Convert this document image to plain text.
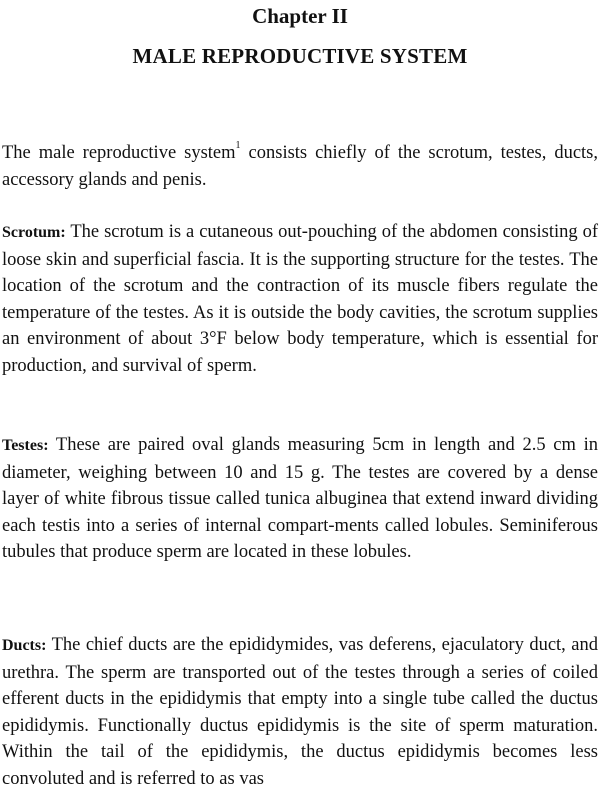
Chapter II
MALE REPRODUCTIVE SYSTEM

The male reproductive system$^1$ consists chiefly of the scrotum, testes, ducts, accessory glands and penis.

Scrotum: The scrotum is a cutaneous out-pouching of the abdomen consisting of loose skin and superficial fascia. It is the supporting structure for the testes. The location of the scrotum and the contraction of its muscle fibers regulate the temperature of the testes. As it is outside the body cavities, the scrotum supplies an environment of about 3°F below body temperature, which is essential for production, and survival of sperm.

Testes: These are paired oval glands measuring 5cm in length and 2.5 cm in diameter, weighing between 10 and 15 g. The testes are covered by a dense layer of white fibrous tissue called tunica albuginea that extend inward dividing each testis into a series of internal compart-ments called lobules. Seminiferous tubules that produce sperm are located in these lobules.

Ducts: The chief ducts are the epididymides, vas deferens, ejaculatory duct, and urethra. The sperm are transported out of the testes through a series of coiled efferent ducts in the epididymis that empty into a single tube called the ductus epididymis. Functionally ductus epididymis is the site of sperm maturation. Within the tail of the epididymis, the ductus epididymis becomes less convoluted and is referred to as vas
